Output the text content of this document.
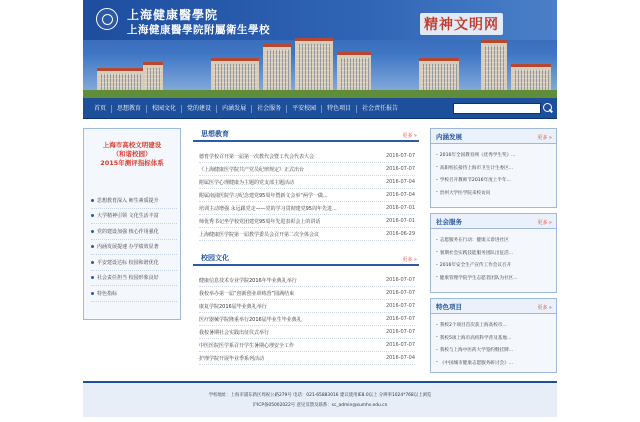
上海健康醫學院
上海健康醫學院附屬衛生學校	精神文明网
首页	思想教育	校园文化	党的建设	内涵发展	社会服务	平安校园	特色项目	社会责任报告
上海市高校文明建设
（和谐校园）
2015年测评指标体系
思想教育深入 师生素质提升
大学精神引领 文化生活丰富
党的建设加强 核心作用强化
内涵发展提速 办学绩效显著
平安建设达标 校园和谐优化
社会责任担当 校园形象良好
特色指标
思想教育	更多 »
德育学校召开第一届第一次教代会暨工代会代表大会	2016-07-07
《上海健康医学院共产党员纪律规定》正式出台	2016-07-07
附属医学心理健康为主题的党支部主题活动	2016-07-04
附属南浦医院学习纪念建党95周年暨新文会举“两学一做...	2016-07-04
培训主动增强 永远跟党走——党的学习贯彻建党95周年先进...	2016-07-01
师优秀书记坐学校党团建党95周年先进表彰会上的讲话	2016-07-01
上海健康医学院第一届教学委员会召开第二次全体会议	2016-06-29
校园文化	更多 »
健康信息技术专业学院2016年毕业典礼举行	2016-07-07
我校举办第一届“创新创业训练营”圆满结束	2016-07-07
康复学院2016届毕业典礼举行	2016-07-07
医疗器械学院隆重举行2016届毕业生毕业典礼	2016-07-07
我校暑期社会实践出征仪式举行	2016-07-07
中医医院医学系召开学生暑期心理安全工作	2016-07-07
护理学院开展毕业季系列活动	2016-07-04
内涵发展	更多 »
· 2016年全国教育网《优秀学生奖》...
· 高职校长接待上海市卫生计生委区...
· 学校召开教师节2016年度上半年...
· 贵州大学医学院来校访问
社会服务	更多 »
· 志愿服务在行动：健康义诊进社区
· 暑期社会实践技能服务团队出征活...
· 2016年安全生产宣传工作会议召开
· 健康管理学院学生志愿者团队为社区...
特色项目	更多 »
· 我校2个项目首次获上海高校市...
· 我校5项上海市高校科学普及基地...
· 我校与上海中医药大学签约暨挂牌...
· 《中国城市健康志愿服务研讨会》...
学校地址：上海市浦东新区周祝公路279号 电话：021-65883016 建议使用IE8.0以上 分辨率1024*768以上浏览
沪ICP备05002022号 意见反馈及联系：sc_admin@sumhs.edu.cn
